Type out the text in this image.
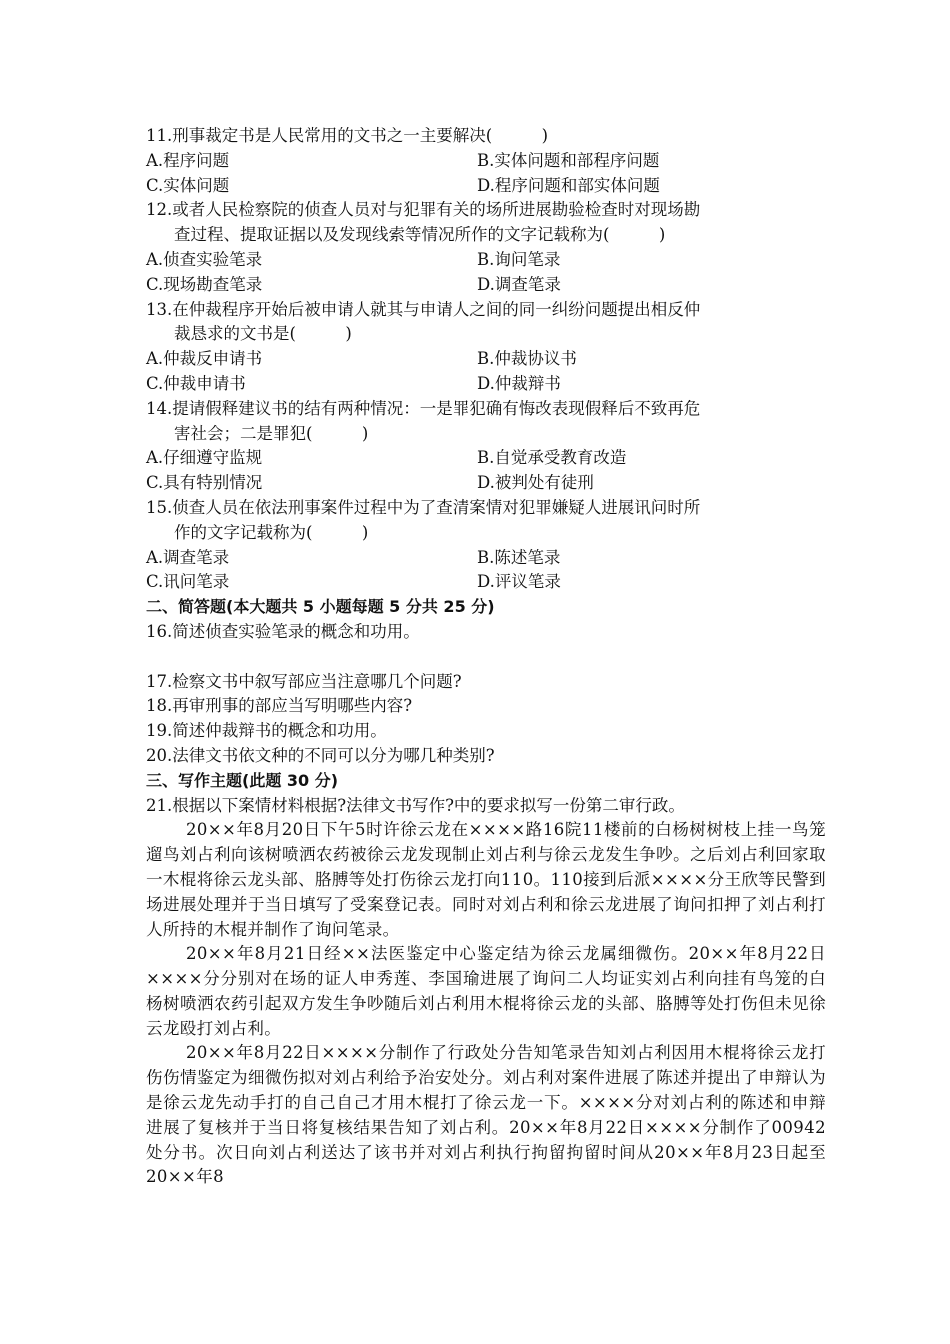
11.刑事裁定书是人民常用的文书之一主要解决(　　　)
A.程序问题	B.实体问题和部程序问题
C.实体问题	D.程序问题和部实体问题
12.或者人民检察院的侦查人员对与犯罪有关的场所进展勘验检查时对现场勘
查过程、提取证据以及发现线索等情况所作的文字记载称为(　　　)
A.侦查实验笔录	B.询问笔录
C.现场勘查笔录	D.调查笔录
13.在仲裁程序开始后被申请人就其与申请人之间的同一纠纷问题提出相反仲
裁恳求的文书是(　　　)
A.仲裁反申请书	B.仲裁协议书
C.仲裁申请书	D.仲裁辩书
14.提请假释建议书的结有两种情况：一是罪犯确有悔改表现假释后不致再危
害社会；二是罪犯(　　　)
A.仔细遵守监规	B.自觉承受教育改造
C.具有特别情况	D.被判处有徒刑
15.侦查人员在依法刑事案件过程中为了查清案情对犯罪嫌疑人进展讯问时所
作的文字记载称为(　　　)
A.调查笔录	B.陈述笔录
C.讯问笔录	D.评议笔录
二、简答题(本大题共 5 小题每题 5 分共 25 分)
16.简述侦查实验笔录的概念和功用。
17.检察文书中叙写部应当注意哪几个问题?
18.再审刑事的部应当写明哪些内容?
19.简述仲裁辩书的概念和功用。
20.法律文书依文种的不同可以分为哪几种类别?
三、写作主题(此题 30 分)
21.根据以下案情材料根据?法律文书写作?中的要求拟写一份第二审行政。
20××年8月20日下午5时许徐云龙在××××路16院11楼前的白杨树树枝上挂一鸟笼遛鸟刘占利向该树喷洒农药被徐云龙发现制止刘占利与徐云龙发生争吵。之后刘占利回家取一木棍将徐云龙头部、胳膊等处打伤徐云龙打向110。110接到后派××××分王欣等民警到场进展处理并于当日填写了受案登记表。同时对刘占利和徐云龙进展了询问扣押了刘占利打人所持的木棍并制作了询问笔录。
20××年8月21日经××法医鉴定中心鉴定结为徐云龙属细微伤。20××年8月22日××××分分别对在场的证人申秀莲、李国瑜进展了询问二人均证实刘占利向挂有鸟笼的白杨树喷洒农药引起双方发生争吵随后刘占利用木棍将徐云龙的头部、胳膊等处打伤但未见徐云龙殴打刘占利。
20××年8月22日××××分制作了行政处分告知笔录告知刘占利因用木棍将徐云龙打伤伤情鉴定为细微伤拟对刘占利给予治安处分。刘占利对案件进展了陈述并提出了申辩认为是徐云龙先动手打的自己自己才用木棍打了徐云龙一下。××××分对刘占利的陈述和申辩进展了复核并于当日将复核结果告知了刘占利。20××年8月22日××××分制作了00942处分书。次日向刘占利送达了该书并对刘占利执行拘留拘留时间从20××年8月23日起至20××年8
